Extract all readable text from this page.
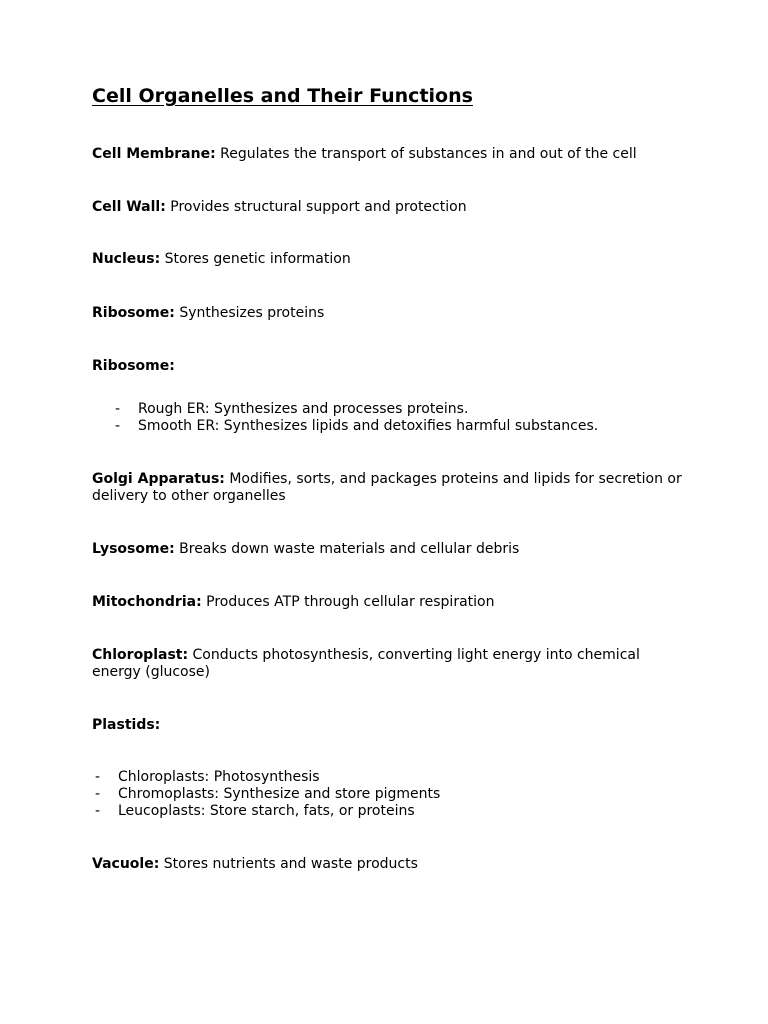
Cell Organelles and Their Functions

Cell Membrane: Regulates the transport of substances in and out of the cell

Cell Wall: Provides structural support and protection

Nucleus: Stores genetic information

Ribosome: Synthesizes proteins

Ribosome:

- Rough ER: Synthesizes and processes proteins.
- Smooth ER: Synthesizes lipids and detoxifies harmful substances.

Golgi Apparatus: Modifies, sorts, and packages proteins and lipids for secretion or delivery to other organelles

Lysosome: Breaks down waste materials and cellular debris

Mitochondria: Produces ATP through cellular respiration

Chloroplast: Conducts photosynthesis, converting light energy into chemical energy (glucose)

Plastids:

- Chloroplasts: Photosynthesis
- Chromoplasts: Synthesize and store pigments
- Leucoplasts: Store starch, fats, or proteins

Vacuole: Stores nutrients and waste products
